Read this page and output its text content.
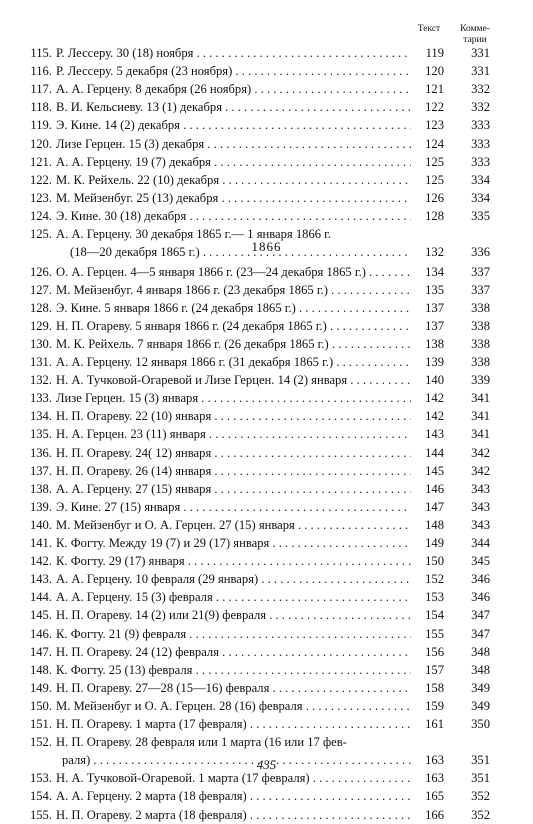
Текст	Комме-
тарии
115. Р. Лессеру. 30 (18) ноября . . .	119	331
116. Р. Лессеру. 5 декабря (23 ноября) . . .	120	331
117. А. А. Герцену. 8 декабря (26 ноября) . . .	121	332
118. В. И. Кельсиеву. 13 (1) декабря . . .	122	332
119. Э. Кине. 14 (2) декабря . . .	123	333
120. Лизе Герцен. 15 (3) декабря . . .	124	333
121. А. А. Герцену. 19 (7) декабря . . .	125	333
122. М. К. Рейхель. 22 (10) декабря . . .	125	334
123. М. Мейзенбуг. 25 (13) декабря . . .	126	334
124. Э. Кине. 30 (18) декабря . . .	128	335
125. А. А. Герцену. 30 декабря 1865 г.— 1 января 1866 г.
(18—20 декабря 1865 г.) . . .	132	336
126. О. А. Герцен. 4—5 января 1866 г. (23—24 декабря 1865 г.) . . .	134	337
127. М. Мейзенбуг. 4 января 1866 г. (23 декабря 1865 г.) . . .	135	337
128. Э. Кине. 5 января 1866 г. (24 декабря 1865 г.) . . .	137	338
129. Н. П. Огареву. 5 января 1866 г. (24 декабря 1865 г.) . . .	137	338
130. М. К. Рейхель. 7 января 1866 г. (26 декабря 1865 г.) . . .	138	338
131. А. А. Герцену. 12 января 1866 г. (31 декабря 1865 г.) . . .	139	338
132. Н. А. Тучковой-Огаревой и Лизе Герцен. 14 (2) января . . .	140	339
133. Лизе Герцен. 15 (3) января . . .	142	341
134. Н. П. Огареву. 22 (10) января . . .	142	341
135. Н. А. Герцен. 23 (11) января . . .	143	341
136. Н. П. Огареву. 24( 12) января . . .	144	342
137. Н. П. Огареву. 26 (14) января . . .	145	342
138. А. А. Герцену. 27 (15) января . . .	146	343
139. Э. Кине. 27 (15) января . . .	147	343
140. М. Мейзенбуг и О. А. Герцен. 27 (15) января . . .	148	343
141. К. Фогту. Между 19 (7) и 29 (17) января . . .	149	344
142. К. Фогту. 29 (17) января . . .	150	345
143. А. А. Герцену. 10 февраля (29 января) . . .	152	346
144. А. А. Герцену. 15 (3) февраля . . .	153	346
145. Н. П. Огареву. 14 (2) или 21(9) февраля . . .	154	347
146. К. Фогту. 21 (9) февраля . . .	155	347
147. Н. П. Огареву. 24 (12) февраля . . .	156	348
148. К. Фогту. 25 (13) февраля . . .	157	348
149. Н. П. Огареву. 27—28 (15—16) февраля . . .	158	349
150. М. Мейзенбуг и О. А. Герцен. 28 (16) февраля . . .	159	349
151. Н. П. Огареву. 1 марта (17 февраля) . . .	161	350
152. Н. П. Огареву. 28 февраля или 1 марта (16 или 17 фев-
раля) . . .	163	351
153. Н. А. Тучковой-Огаревой. 1 марта (17 февраля) . . .	163	351
154. А. А. Герцену. 2 марта (18 февраля) . . .	165	352
155. Н. П. Огареву. 2 марта (18 февраля) . . .	166	352
1866
435
